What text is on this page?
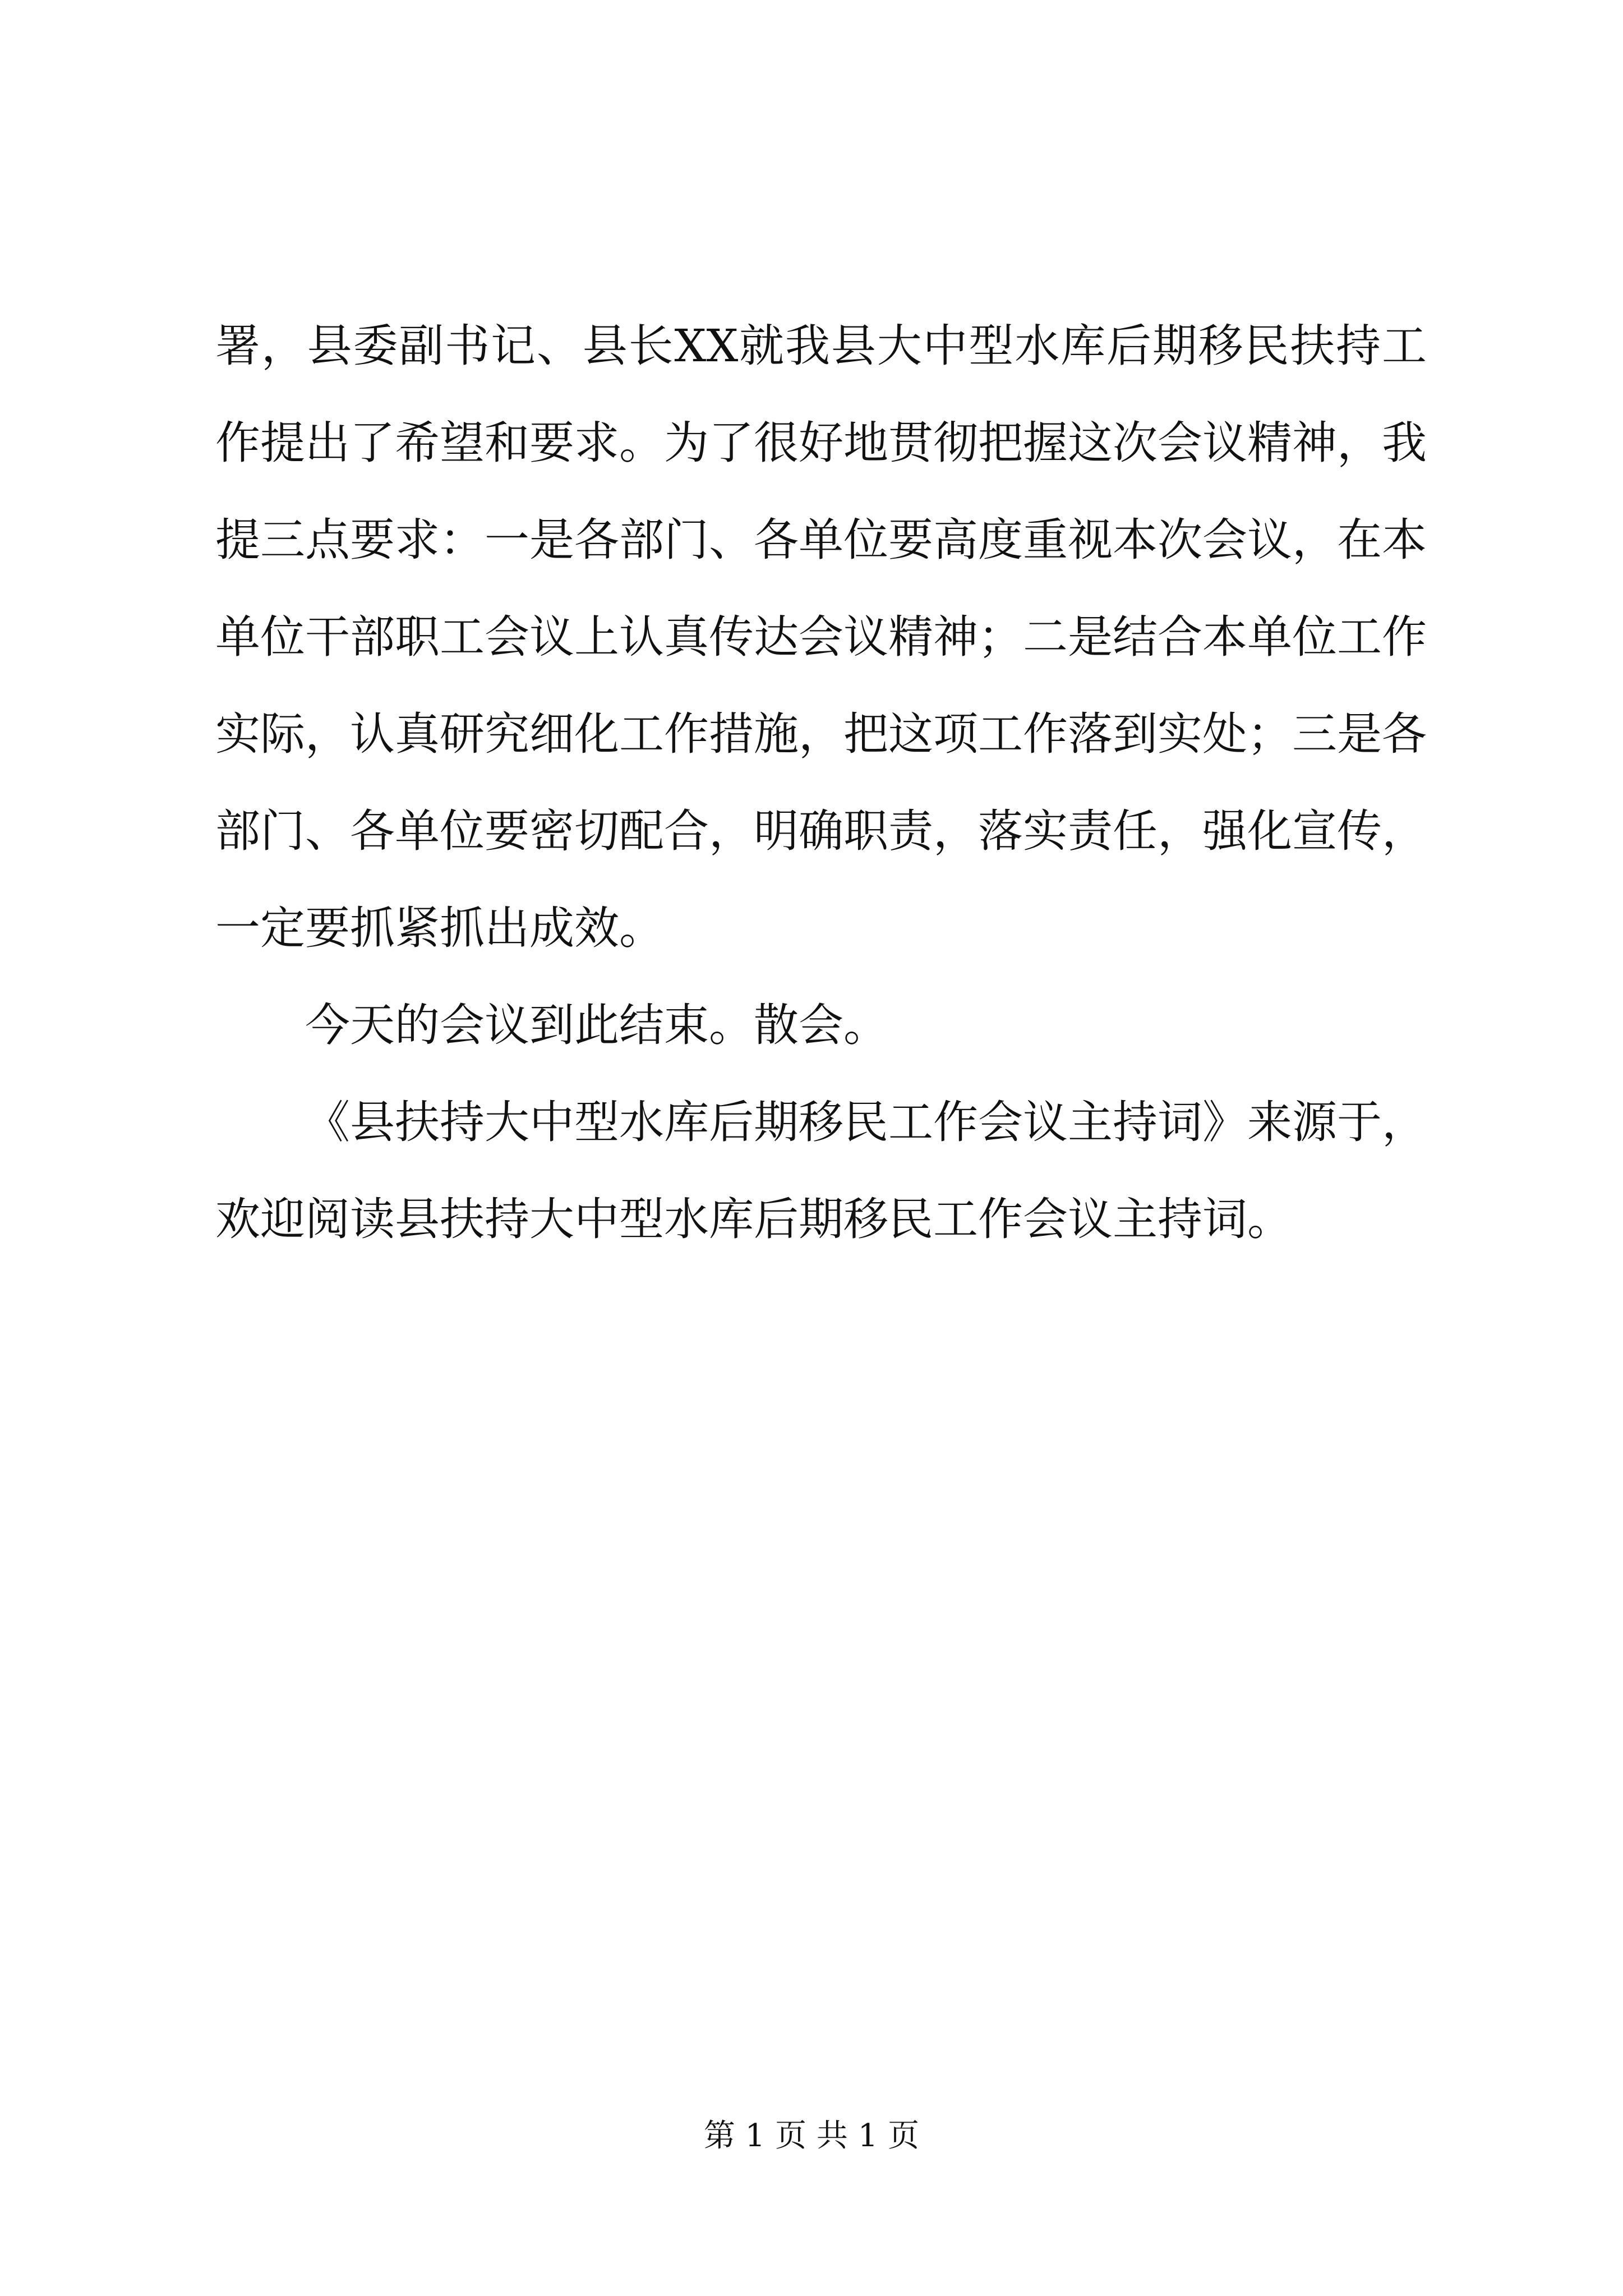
署，县委副书记、县长XX就我县大中型水库后期移民扶持工作提出了希望和要求。为了很好地贯彻把握这次会议精神，我提三点要求：一是各部门、各单位要高度重视本次会议，在本单位干部职工会议上认真传达会议精神；二是结合本单位工作实际，认真研究细化工作措施，把这项工作落到实处；三是各部门、各单位要密切配合，明确职责，落实责任，强化宣传，一定要抓紧抓出成效。

今天的会议到此结束。散会。

《县扶持大中型水库后期移民工作会议主持词》来源于，欢迎阅读县扶持大中型水库后期移民工作会议主持词。

第 1 页 共 1 页
